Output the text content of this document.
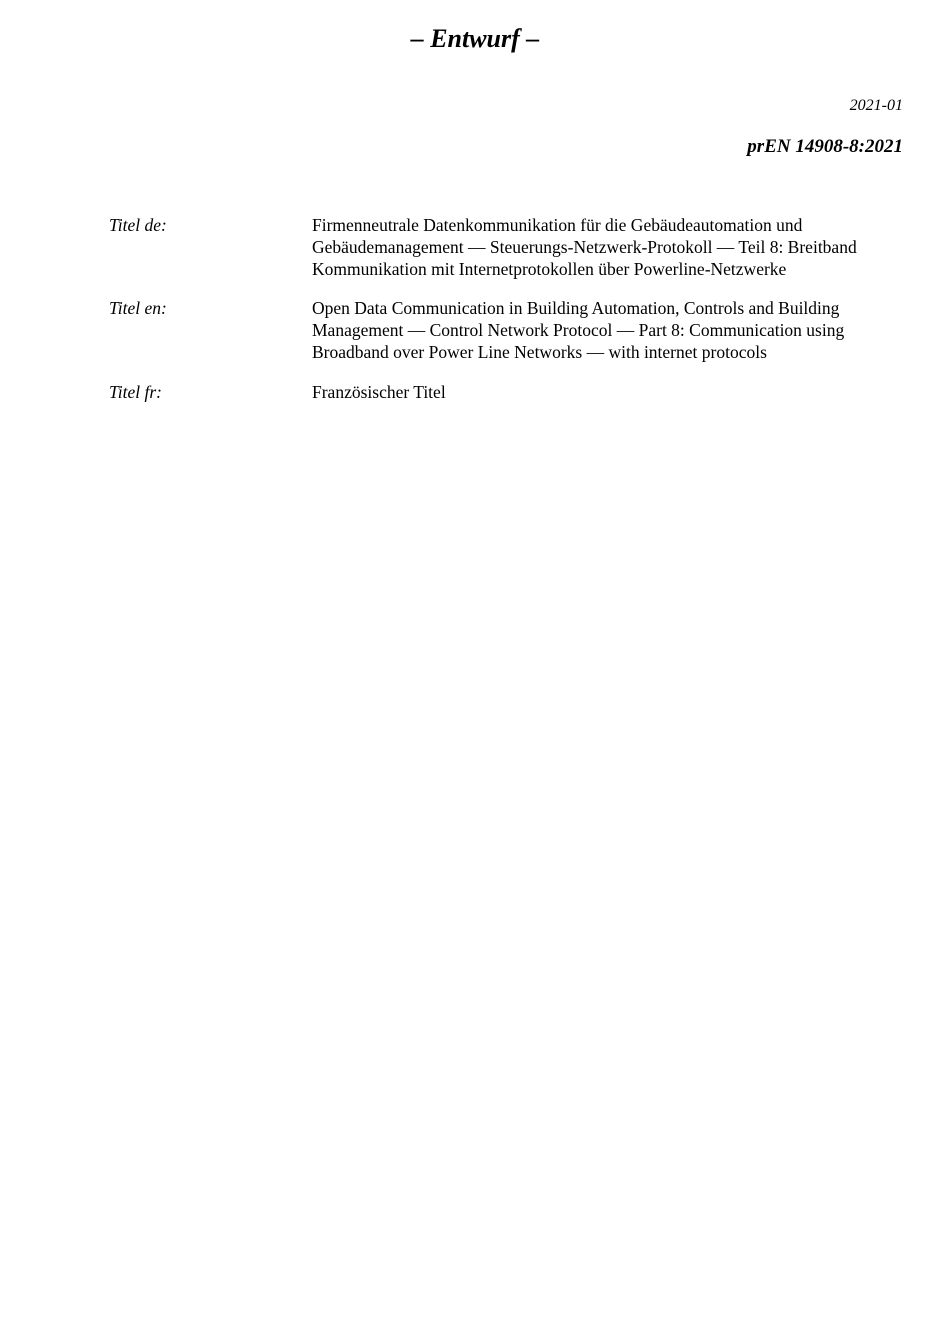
– Entwurf –
2021-01
prEN 14908-8:2021
Titel de:	Firmenneutrale Datenkommunikation für die Gebäudeautomation und Gebäudemanagement — Steuerungs-Netzwerk-Protokoll — Teil 8: Breitband Kommunikation mit Internetprotokollen über Powerline-Netzwerke
Titel en:	Open Data Communication in Building Automation, Controls and Building Management — Control Network Protocol — Part 8: Communication using Broadband over Power Line Networks — with internet protocols
Titel fr:	Französischer Titel
